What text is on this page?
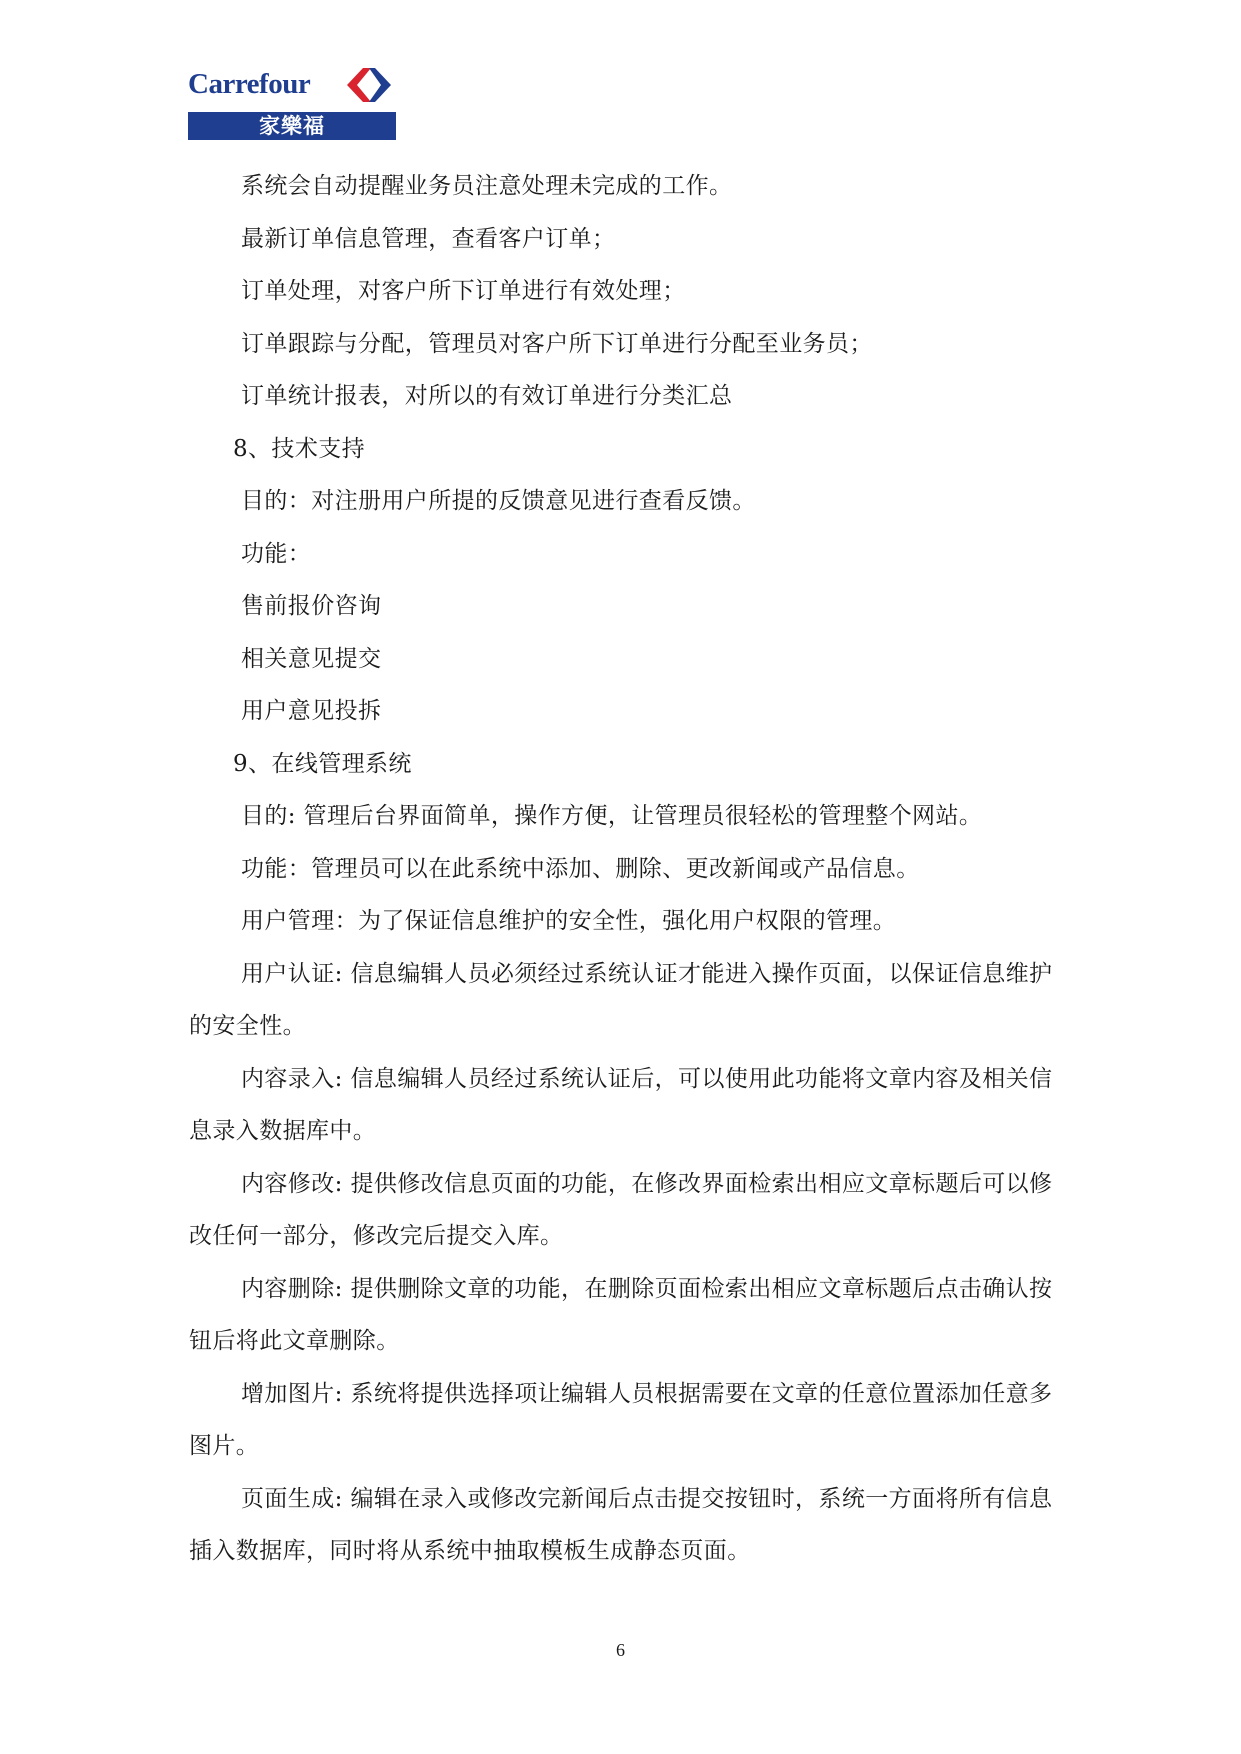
Carrefour
家樂福

系统会自动提醒业务员注意处理未完成的工作。

最新订单信息管理，查看客户订单；

订单处理，对客户所下订单进行有效处理；

订单跟踪与分配，管理员对客户所下订单进行分配至业务员；

订单统计报表，对所以的有效订单进行分类汇总

8、技术支持

目的：对注册用户所提的反馈意见进行查看反馈。

功能：

售前报价咨询

相关意见提交

用户意见投拆

9、在线管理系统

目的: 管理后台界面简单，操作方便，让管理员很轻松的管理整个网站。

功能：管理员可以在此系统中添加、删除、更改新闻或产品信息。

用户管理：为了保证信息维护的安全性，强化用户权限的管理。

用户认证: 信息编辑人员必须经过系统认证才能进入操作页面，以保证信息维护的安全性。

内容录入: 信息编辑人员经过系统认证后，可以使用此功能将文章内容及相关信息录入数据库中。

内容修改: 提供修改信息页面的功能，在修改界面检索出相应文章标题后可以修改任何一部分，修改完后提交入库。

内容删除: 提供删除文章的功能，在删除页面检索出相应文章标题后点击确认按钮后将此文章删除。

增加图片: 系统将提供选择项让编辑人员根据需要在文章的任意位置添加任意多图片。

页面生成: 编辑在录入或修改完新闻后点击提交按钮时，系统一方面将所有信息插入数据库，同时将从系统中抽取模板生成静态页面。

6
